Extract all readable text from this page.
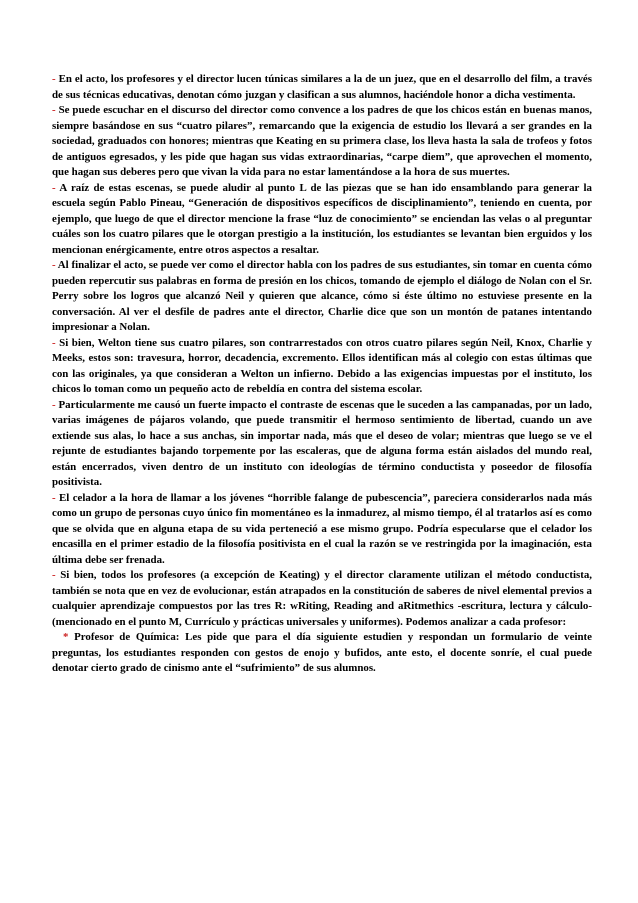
- En el acto, los profesores y el director lucen túnicas similares a la de un juez, que en el desarrollo del film, a través de sus técnicas educativas, denotan cómo juzgan y clasifican a sus alumnos, haciéndole honor a dicha vestimenta.

- Se puede escuchar en el discurso del director como convence a los padres de que los chicos están en buenas manos, siempre basándose en sus “cuatro pilares”, remarcando que la exigencia de estudio los llevará a ser grandes en la sociedad, graduados con honores; mientras que Keating en su primera clase, los lleva hasta la sala de trofeos y fotos de antiguos egresados, y les pide que hagan sus vidas extraordinarias, “carpe diem”, que aprovechen el momento, que hagan sus deberes pero que vivan la vida para no estar lamentándose a la hora de sus muertes.

- A raíz de estas escenas, se puede aludir al punto L de las piezas que se han ido ensamblando para generar la escuela según Pablo Pineau, “Generación de dispositivos específicos de disciplinamiento”, teniendo en cuenta, por ejemplo, que luego de que el director mencione la frase “luz de conocimiento” se enciendan las velas o al preguntar cuáles son los cuatro pilares que le otorgan prestigio a la institución, los estudiantes se levantan bien erguidos y los mencionan enérgicamente, entre otros aspectos a resaltar.

- Al finalizar el acto, se puede ver como el director habla con los padres de sus estudiantes, sin tomar en cuenta cómo pueden repercutir sus palabras en forma de presión en los chicos, tomando de ejemplo el diálogo de Nolan con el Sr. Perry sobre los logros que alcanzó Neil y quieren que alcance, cómo si éste último no estuviese presente en la conversación. Al ver el desfile de padres ante el director, Charlie dice que son un montón de patanes intentando impresionar a Nolan.

- Si bien, Welton tiene sus cuatro pilares, son contrarrestados con otros cuatro pilares según Neil, Knox, Charlie y Meeks, estos son: travesura, horror, decadencia, excremento. Ellos identifican más al colegio con estas últimas que con las originales, ya que consideran a Welton un infierno. Debido a las exigencias impuestas por el instituto, los chicos lo toman como un pequeño acto de rebeldía en contra del sistema escolar.

- Particularmente me causó un fuerte impacto el contraste de escenas que le suceden a las campanadas, por un lado, varias imágenes de pájaros volando, que puede transmitir el hermoso sentimiento de libertad, cuando un ave extiende sus alas, lo hace a sus anchas, sin importar nada, más que el deseo de volar; mientras que luego se ve el rejunte de estudiantes bajando torpemente por las escaleras, que de alguna forma están aislados del mundo real, están encerrados, viven dentro de un instituto con ideologías de término conductista y poseedor de filosofía positivista.

- El celador a la hora de llamar a los jóvenes “horrible falange de pubescencia”, pareciera considerarlos nada más como un grupo de personas cuyo único fin momentáneo es la inmadurez, al mismo tiempo, él al tratarlos así es como que se olvida que en alguna etapa de su vida perteneció a ese mismo grupo. Podría especularse que el celador los encasilla en el primer estadio de la filosofía positivista en el cual la razón se ve restringida por la imaginación, esta última debe ser frenada.

- Si bien, todos los profesores (a excepción de Keating) y el director claramente utilizan el método conductista, también se nota que en vez de evolucionar, están atrapados en la constitución de saberes de nivel elemental previos a cualquier aprendizaje compuestos por las tres R: wRiting, Reading and aRitmethics -escritura, lectura y cálculo- (mencionado en el punto M, Currículo y prácticas universales y uniformes). Podemos analizar a cada profesor:

* Profesor de Química: Les pide que para el día siguiente estudien y respondan un formulario de veinte preguntas, los estudiantes responden con gestos de enojo y bufidos, ante esto, el docente sonríe, el cual puede denotar cierto grado de cinismo ante el “sufrimiento” de sus alumnos.
